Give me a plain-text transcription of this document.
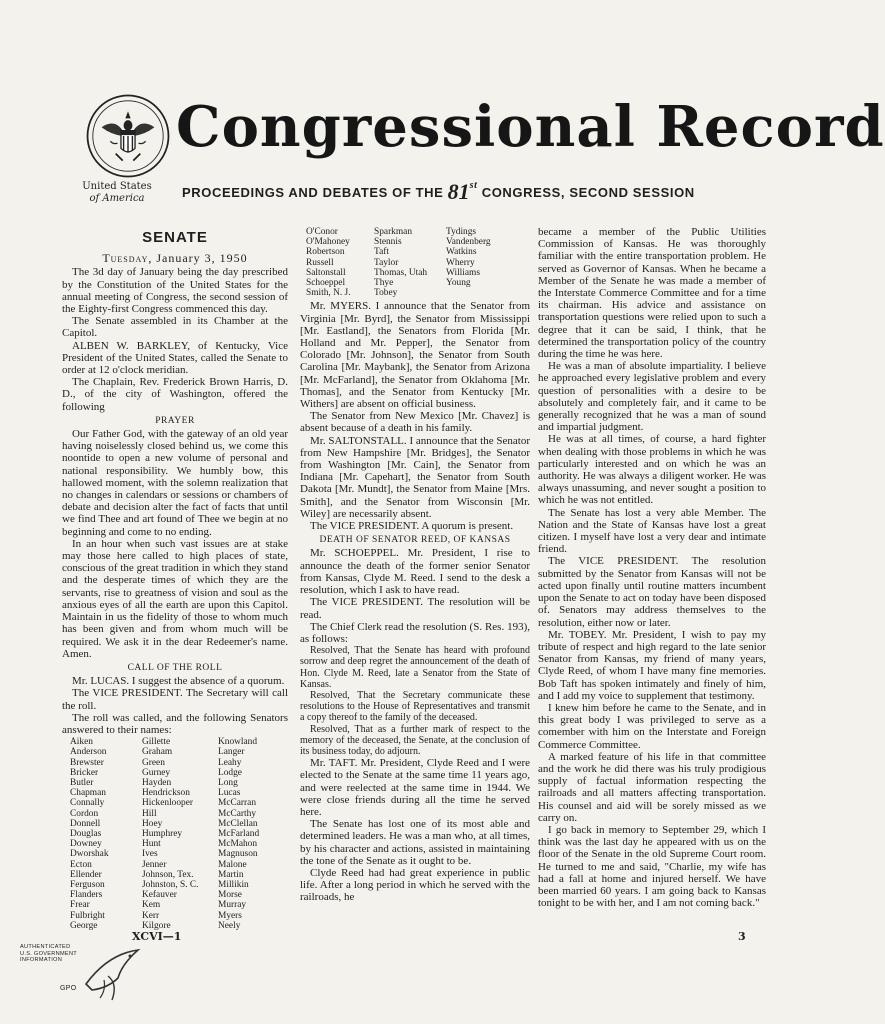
Congressional Record
United States
of America	PROCEEDINGS AND DEBATES OF THE 81st CONGRESS, SECOND SESSION
SENATE
Tuesday, January 3, 1950

The 3d day of January being the day prescribed by the Constitution of the United States for the annual meeting of Congress, the second session of the Eighty-first Congress commenced this day.

The Senate assembled in its Chamber at the Capitol.

ALBEN W. BARKLEY, of Kentucky, Vice President of the United States, called the Senate to order at 12 o'clock meridian.

The Chaplain, Rev. Frederick Brown Harris, D. D., of the city of Washington, offered the following

PRAYER

Our Father God, with the gateway of an old year having noiselessly closed behind us, we come this noontide to open a new volume of personal and national responsibility. We humbly bow, this hallowed moment, with the solemn realization that no changes in calendars or sessions or chambers of debate and decision alter the fact of facts that until we find Thee and art found of Thee we begin at no beginning and come to no ending.

In an hour when such vast issues are at stake may those here called to high places of state, conscious of the great tradition in which they stand and the desperate times of which they are the servants, rise to greatness of vision and soul as the anxious eyes of all the earth are upon this Capitol. Maintain in us the fidelity of those to whom much has been given and from whom much will be required. We ask it in the dear Redeemer's name. Amen.

CALL OF THE ROLL

Mr. LUCAS. I suggest the absence of a quorum.

The VICE PRESIDENT. The Secretary will call the roll.

The roll was called, and the following Senators answered to their names:

Aiken	Gillette	Knowland
Anderson	Graham	Langer
Brewster	Green	Leahy
Bricker	Gurney	Lodge
Butler	Hayden	Long
Chapman	Hendrickson	Lucas
Connally	Hickenlooper	McCarran
Cordon	Hill	McCarthy
Donnell	Hoey	McClellan
Douglas	Humphrey	McFarland
Downey	Hunt	McMahon
Dworshak	Ives	Magnuson
Ecton	Jenner	Malone
Ellender	Johnson, Tex.	Martin
Ferguson	Johnston, S. C.	Millikin
Flanders	Kefauver	Morse
Frear	Kem	Murray
Fulbright	Kerr	Myers
George	Kilgore	Neely
O'Conor	Sparkman	Tydings
O'Mahoney	Stennis	Vandenberg
Robertson	Taft	Watkins
Russell	Taylor	Wherry
Saltonstall	Thomas, Utah	Williams
Schoeppel	Thye	Young
Smith, N. J.	Tobey

Mr. MYERS. I announce that the Senator from Virginia [Mr. Byrd], the Senator from Mississippi [Mr. Eastland], the Senators from Florida [Mr. Holland and Mr. Pepper], the Senator from Colorado [Mr. Johnson], the Senator from South Carolina [Mr. Maybank], the Senator from Arizona [Mr. McFarland], the Senator from Oklahoma [Mr. Thomas], and the Senator from Kentucky [Mr. Withers] are absent on official business.

The Senator from New Mexico [Mr. Chavez] is absent because of a death in his family.

Mr. SALTONSTALL. I announce that the Senator from New Hampshire [Mr. Bridges], the Senator from Washington [Mr. Cain], the Senator from Indiana [Mr. Capehart], the Senator from South Dakota [Mr. Mundt], the Senator from Maine [Mrs. Smith], and the Senator from Wisconsin [Mr. Wiley] are necessarily absent.

The VICE PRESIDENT. A quorum is present.

DEATH OF SENATOR REED, OF KANSAS

Mr. SCHOEPPEL. Mr. President, I rise to announce the death of the former senior Senator from Kansas, Clyde M. Reed. I send to the desk a resolution, which I ask to have read.

The VICE PRESIDENT. The resolution will be read.

The Chief Clerk read the resolution (S. Res. 193), as follows:

Resolved, That the Senate has heard with profound sorrow and deep regret the announcement of the death of Hon. Clyde M. Reed, late a Senator from the State of Kansas.

Resolved, That the Secretary communicate these resolutions to the House of Representatives and transmit a copy thereof to the family of the deceased.

Resolved, That as a further mark of respect to the memory of the deceased, the Senate, at the conclusion of its business today, do adjourn.

Mr. TAFT. Mr. President, Clyde Reed and I were elected to the Senate at the same time 11 years ago, and were reelected at the same time in 1944. We were close friends during all the time he served here.

The Senate has lost one of its most able and determined leaders. He was a man who, at all times, by his character and actions, assisted in maintaining the tone of the Senate as it ought to be.

Clyde Reed had had great experience in public life. After a long period in which he served with the railroads, he

became a member of the Public Utilities Commission of Kansas. He was thoroughly familiar with the entire transportation problem. He served as Governor of Kansas. When he became a Member of the Senate he was made a member of the Interstate Commerce Committee and for a time its chairman. His advice and assistance on transportation questions were relied upon to such a degree that it can be said, I think, that he determined the transportation policy of the country during the time he was here.

He was a man of absolute impartiality. I believe he approached every legislative problem and every question of personalities with a desire to be absolutely and completely fair, and it came to be generally recognized that he was a man of sound and impartial judgment.

He was at all times, of course, a hard fighter when dealing with those problems in which he was particularly interested and on which he was an authority. He was always a diligent worker. He was always unassuming, and never sought a position to which he was not entitled.

The Senate has lost a very able Member. The Nation and the State of Kansas have lost a great citizen. I myself have lost a very dear and intimate friend.

The VICE PRESIDENT. The resolution submitted by the Senator from Kansas will not be acted upon finally until routine matters incumbent upon the Senate to act on today have been disposed of. Senators may address themselves to the resolution, either now or later.

Mr. TOBEY. Mr. President, I wish to pay my tribute of respect and high regard to the late senior Senator from Kansas, my friend of many years, Clyde Reed, of whom I have many fine memories. Bob Taft has spoken intimately and finely of him, and I add my voice to supplement that testimony.

I knew him before he came to the Senate, and in this great body I was privileged to serve as a comember with him on the Interstate and Foreign Commerce Committee.

A marked feature of his life in that committee and the work he did there was his truly prodigious supply of factual information respecting the railroads and all matters affecting transportation. His counsel and aid will be sorely missed as we carry on.

I go back in memory to September 29, which I think was the last day he appeared with us on the floor of the Senate in the old Supreme Court room. He turned to me and said, "Charlie, my wife has had a fall at home and injured herself. We have been married 60 years. I am going back to Kansas tonight to be with her, and I am not coming back."

XCVI—1	3
AUTHENTICATED
U.S. GOVERNMENT
INFORMATION
GPO
